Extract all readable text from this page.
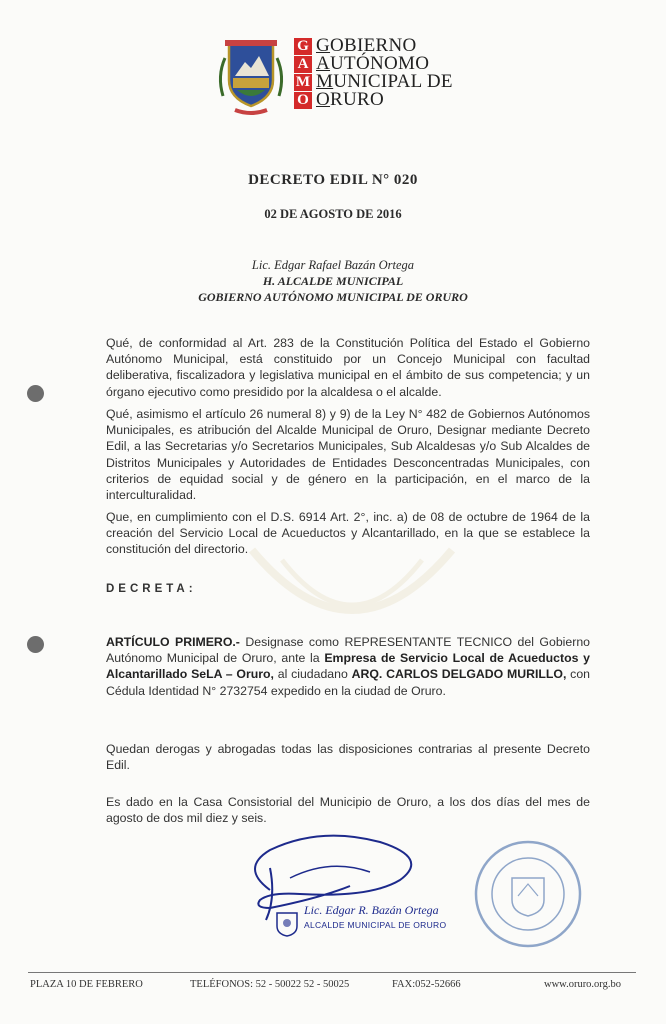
G
A
M
O
GOBIERNO
AUTÓNOMO
MUNICIPAL DE
ORURO
DECRETO EDIL N° 020
02 DE AGOSTO DE 2016
Lic. Edgar Rafael Bazán Ortega
H. ALCALDE MUNICIPAL
GOBIERNO AUTÓNOMO MUNICIPAL DE ORURO
Qué, de conformidad al Art. 283 de la Constitución Política del Estado el Gobierno Autónomo Municipal, está constituido por un Concejo Municipal con facultad deliberativa, fiscalizadora y legislativa municipal en el ámbito de sus competencia; y un órgano ejecutivo como presidido por la alcaldesa o el alcalde.
Qué, asimismo el artículo 26 numeral 8) y 9) de la Ley N° 482 de Gobiernos Autónomos Municipales, es atribución del Alcalde Municipal de Oruro, Designar mediante Decreto Edil, a las Secretarias y/o Secretarios Municipales, Sub Alcaldesas y/o Sub Alcaldes de Distritos Municipales y Autoridades de Entidades Desconcentradas Municipales, con criterios de equidad social y de género en la participación, en el marco de la interculturalidad.
Que, en cumplimiento con el D.S. 6914 Art. 2°, inc. a) de 08 de octubre de 1964 de la creación del Servicio Local de Acueductos y Alcantarillado, en la que se establece la constitución del directorio.
DECRETA:
ARTÍCULO PRIMERO.- Designase como REPRESENTANTE TECNICO del Gobierno Autónomo Municipal de Oruro, ante la Empresa de Servicio Local de Acueductos y Alcantarillado SeLA – Oruro, al ciudadano ARQ. CARLOS DELGADO MURILLO, con Cédula Identidad N° 2732754 expedido en la ciudad de Oruro.
Quedan derogas y abrogadas todas las disposiciones contrarias al presente Decreto Edil.
Es dado en la Casa Consistorial del Municipio de Oruro, a los dos días del mes de agosto de dos mil diez y seis.
Lic. Edgar R. Bazán Ortega
ALCALDE MUNICIPAL DE ORURO
PLAZA 10 DE FEBRERO	TELÉFONOS: 52 - 50022 52 - 50025	FAX:052-52666	www.oruro.org.bo
